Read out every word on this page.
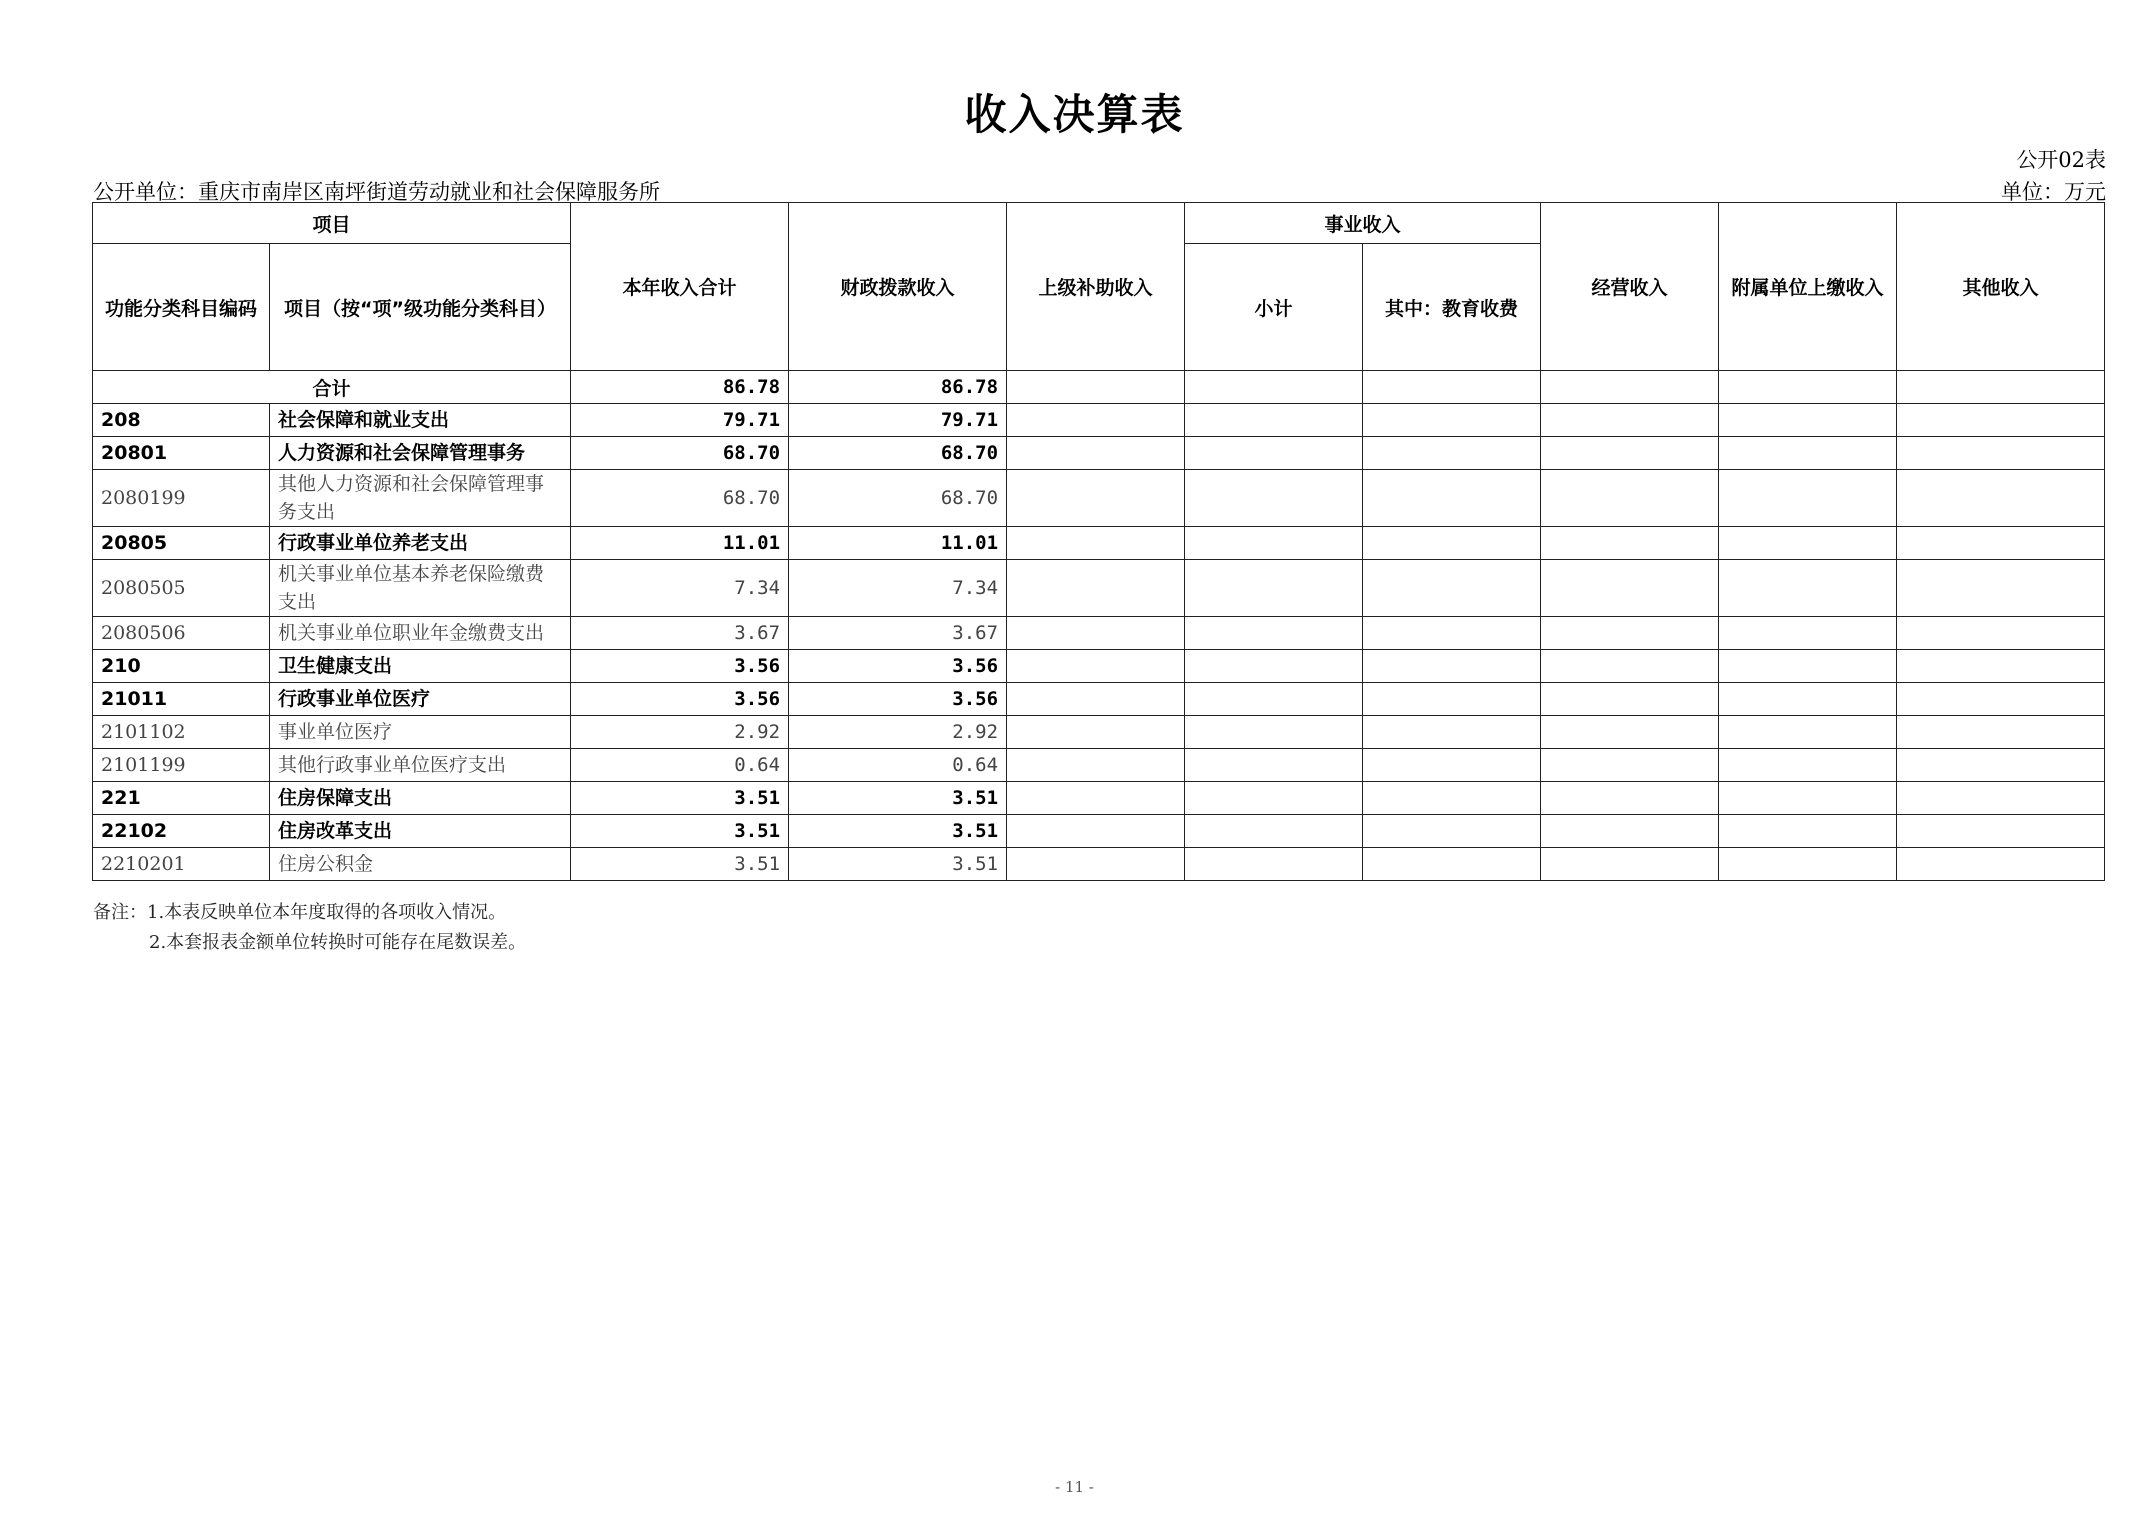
收入决算表
公开02表
公开单位：重庆市南岸区南坪街道劳动就业和社会保障服务所	单位：万元
项目		本年收入合计	财政拨款收入	上级补助收入	事业收入		经营收入	附属单位上缴收入	其他收入
功能分类科目编码	项目（按“项”级功能分类科目）				小计	其中：教育收费			
合计		86.78	86.78						
208	社会保障和就业支出	79.71	79.71						
20801	人力资源和社会保障管理事务	68.70	68.70						
2080199	其他人力资源和社会保障管理事务支出	68.70	68.70						
20805	行政事业单位养老支出	11.01	11.01						
2080505	机关事业单位基本养老保险缴费支出	7.34	7.34						
2080506	机关事业单位职业年金缴费支出	3.67	3.67						
210	卫生健康支出	3.56	3.56						
21011	行政事业单位医疗	3.56	3.56						
2101102	事业单位医疗	2.92	2.92						
2101199	其他行政事业单位医疗支出	0.64	0.64						
221	住房保障支出	3.51	3.51						
22102	住房改革支出	3.51	3.51						
2210201	住房公积金	3.51	3.51						
备注：1.本表反映单位本年度取得的各项收入情况。
2.本套报表金额单位转换时可能存在尾数误差。
- 11 -
